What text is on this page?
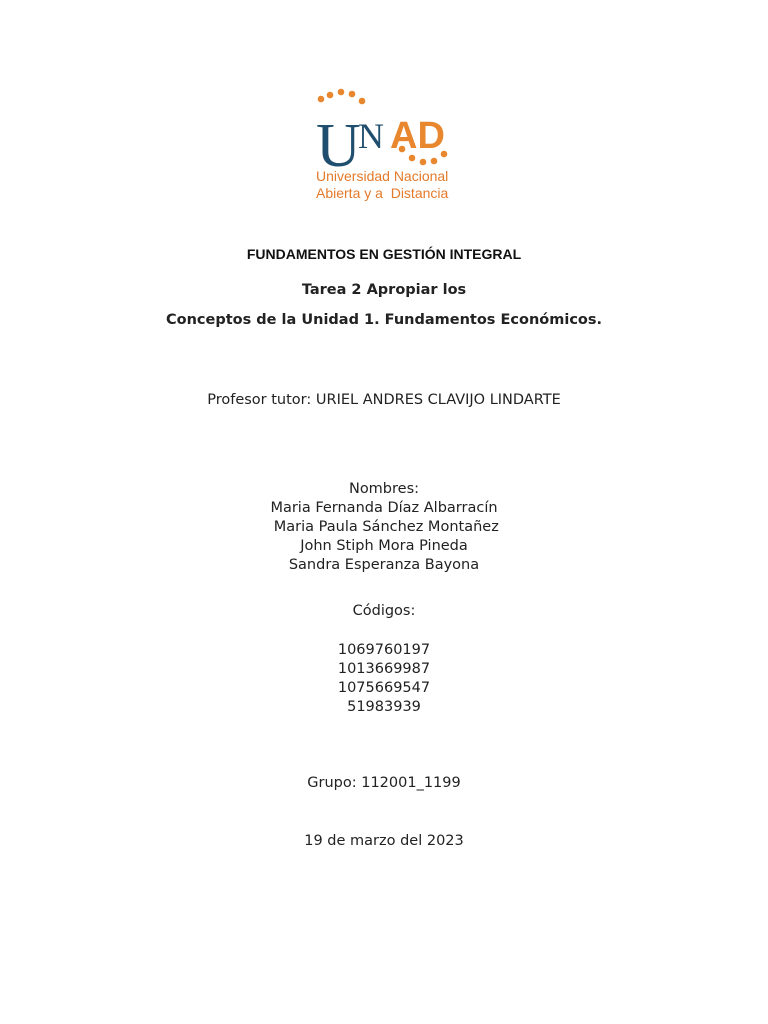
U
N AD
Universidad Nacional
Abierta y a  Distancia
FUNDAMENTOS EN GESTIÓN INTEGRAL
Tarea 2 Apropiar los
Conceptos de la Unidad 1. Fundamentos Económicos.
Profesor tutor: URIEL ANDRES CLAVIJO LINDARTE
Nombres:
Maria Fernanda Díaz Albarracín
Maria Paula Sánchez Montañez
John Stiph Mora Pineda
Sandra Esperanza Bayona
Códigos:
1069760197
1013669987
1075669547
51983939
Grupo: 112001_1199
19 de marzo del 2023
